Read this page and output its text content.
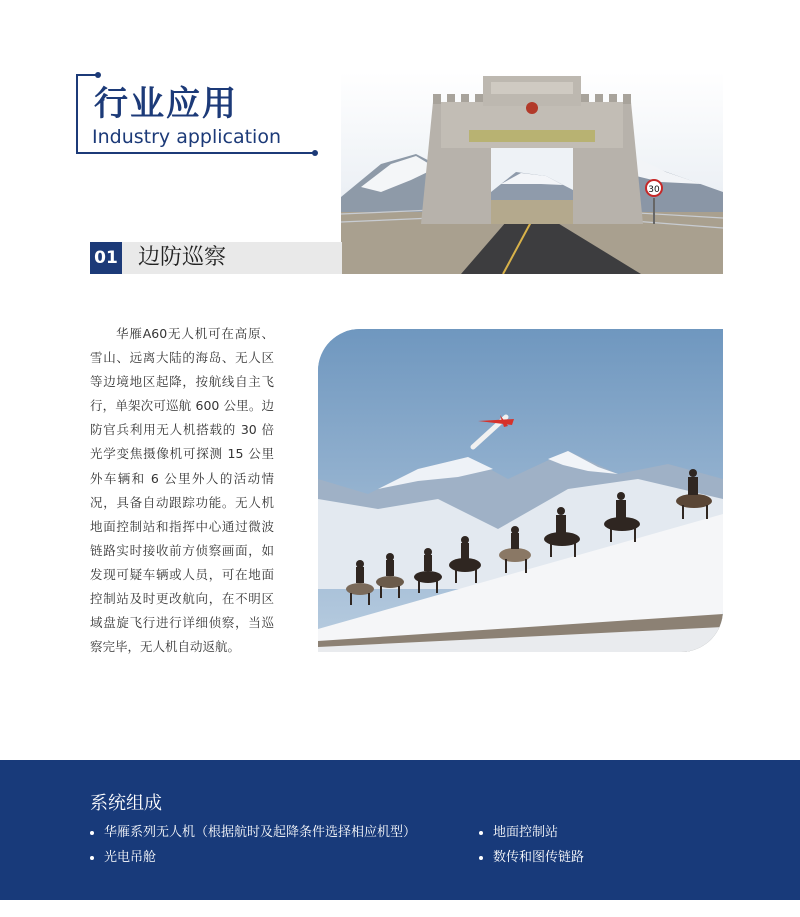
行业应用
Industry application
30
01 边防巡察
华雁A60无人机可在高原、雪山、远离大陆的海岛、无人区等边境地区起降，按航线自主飞行，单架次可巡航 600 公里。边防官兵利用无人机搭载的 30 倍光学变焦摄像机可探测 15 公里外车辆和 6 公里外人的活动情况，具备自动跟踪功能。无人机地面控制站和指挥中心通过微波链路实时接收前方侦察画面，如发现可疑车辆或人员，可在地面控制站及时更改航向，在不明区域盘旋飞行进行详细侦察，当巡察完毕，无人机自动返航。
系统组成
华雁系列无人机（根据航时及起降条件选择相应机型）
光电吊舱
地面控制站
数传和图传链路
